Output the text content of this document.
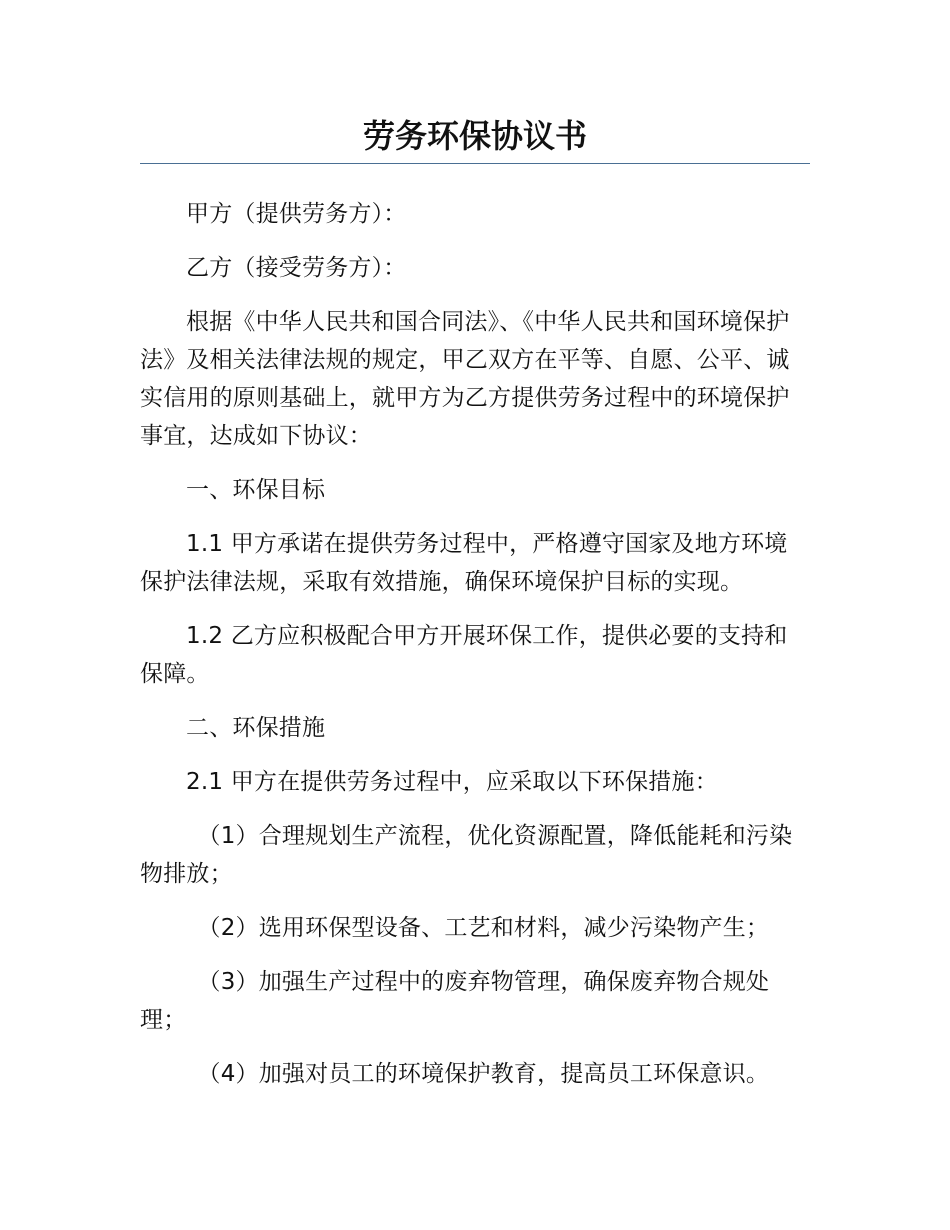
劳务环保协议书

甲方（提供劳务方）：

乙方（接受劳务方）：

根据《中华人民共和国合同法》、《中华人民共和国环境保护法》及相关法律法规的规定，甲乙双方在平等、自愿、公平、诚实信用的原则基础上，就甲方为乙方提供劳务过程中的环境保护事宜，达成如下协议：

一、环保目标

1.1 甲方承诺在提供劳务过程中，严格遵守国家及地方环境保护法律法规，采取有效措施，确保环境保护目标的实现。

1.2 乙方应积极配合甲方开展环保工作，提供必要的支持和保障。

二、环保措施

2.1 甲方在提供劳务过程中，应采取以下环保措施：

（1）合理规划生产流程，优化资源配置，降低能耗和污染物排放；

（2）选用环保型设备、工艺和材料，减少污染物产生；

（3）加强生产过程中的废弃物管理，确保废弃物合规处理；

（4）加强对员工的环境保护教育，提高员工环保意识。
